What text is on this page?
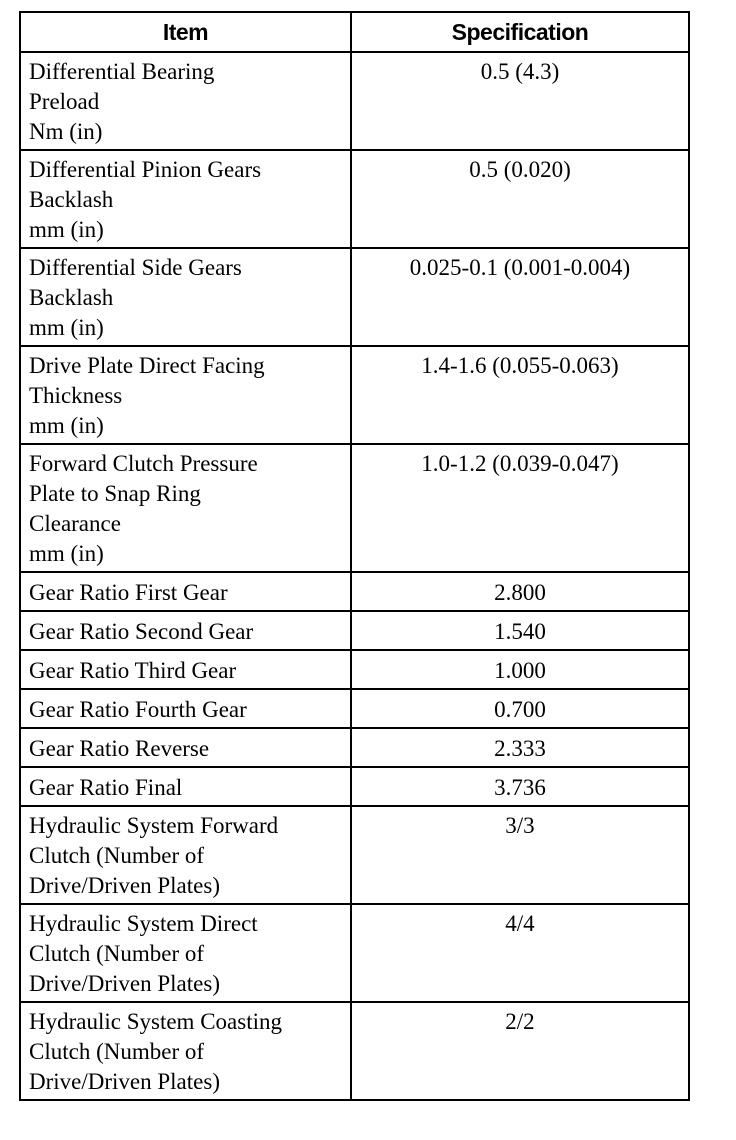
Item	Specification

Differential Bearing
Preload
Nm (in)	0.5 (4.3)

Differential Pinion Gears
Backlash
mm (in)	0.5 (0.020)

Differential Side Gears
Backlash
mm (in)	0.025-0.1 (0.001-0.004)

Drive Plate Direct Facing
Thickness
mm (in)	1.4-1.6 (0.055-0.063)

Forward Clutch Pressure
Plate to Snap Ring
Clearance
mm (in)	1.0-1.2 (0.039-0.047)

Gear Ratio First Gear	2.800

Gear Ratio Second Gear	1.540

Gear Ratio Third Gear	1.000

Gear Ratio Fourth Gear	0.700

Gear Ratio Reverse	2.333

Gear Ratio Final	3.736

Hydraulic System Forward
Clutch (Number of
Drive/Driven Plates)	3/3

Hydraulic System Direct
Clutch (Number of
Drive/Driven Plates)	4/4

Hydraulic System Coasting
Clutch (Number of
Drive/Driven Plates)	2/2
